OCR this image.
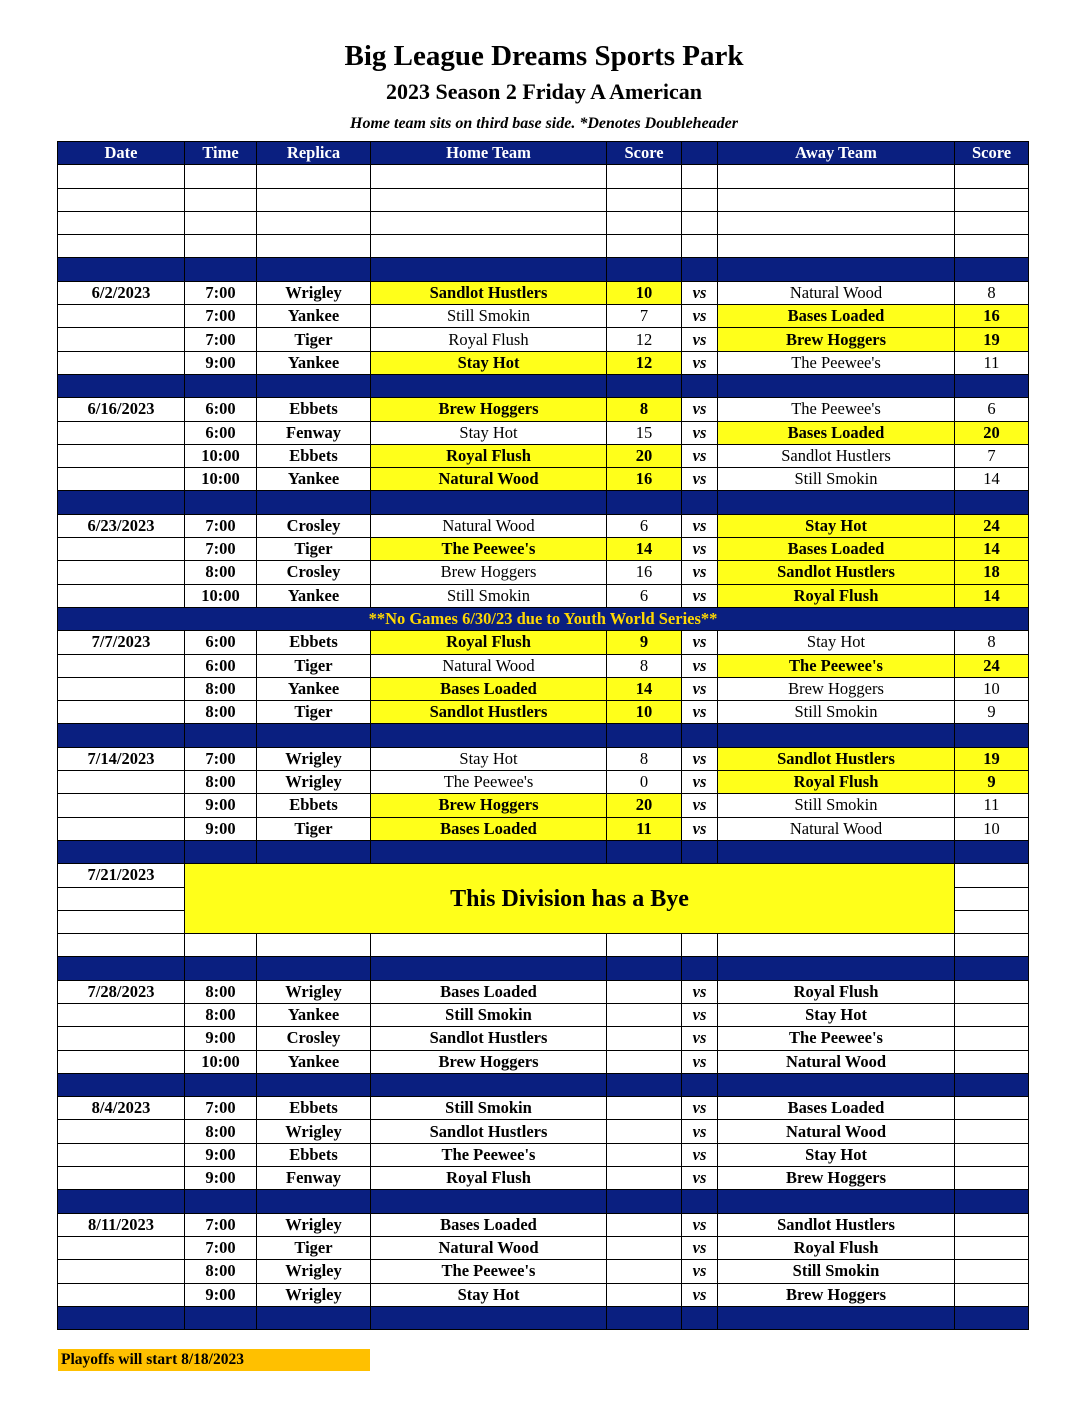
Big League Dreams Sports Park
2023 Season 2 Friday A American
Home team sits on third base side. *Denotes Doubleheader
Date	Time	Replica	Home Team	Score		Away Team	Score

6/2/2023	7:00	Wrigley	Sandlot Hustlers	10	vs	Natural Wood	8
	7:00	Yankee	Still Smokin	7	vs	Bases Loaded	16
	7:00	Tiger	Royal Flush	12	vs	Brew Hoggers	19
	9:00	Yankee	Stay Hot	12	vs	The Peewee's	11

6/16/2023	6:00	Ebbets	Brew Hoggers	8	vs	The Peewee's	6
	6:00	Fenway	Stay Hot	15	vs	Bases Loaded	20
	10:00	Ebbets	Royal Flush	20	vs	Sandlot Hustlers	7
	10:00	Yankee	Natural Wood	16	vs	Still Smokin	14

6/23/2023	7:00	Crosley	Natural Wood	6	vs	Stay Hot	24
	7:00	Tiger	The Peewee's	14	vs	Bases Loaded	14
	8:00	Crosley	Brew Hoggers	16	vs	Sandlot Hustlers	18
	10:00	Yankee	Still Smokin	6	vs	Royal Flush	14
**No Games 6/30/23 due to Youth World Series**							
7/7/2023	6:00	Ebbets	Royal Flush	9	vs	Stay Hot	8
	6:00	Tiger	Natural Wood	8	vs	The Peewee's	24
	8:00	Yankee	Bases Loaded	14	vs	Brew Hoggers	10
	8:00	Tiger	Sandlot Hustlers	10	vs	Still Smokin	9

7/14/2023	7:00	Wrigley	Stay Hot	8	vs	Sandlot Hustlers	19
	8:00	Wrigley	The Peewee's	0	vs	Royal Flush	9
	9:00	Ebbets	Brew Hoggers	20	vs	Still Smokin	11
	9:00	Tiger	Bases Loaded	11	vs	Natural Wood	10

7/21/2023	This Division has a Bye						

7/28/2023	8:00	Wrigley	Bases Loaded		vs	Royal Flush	
	8:00	Yankee	Still Smokin		vs	Stay Hot	
	9:00	Crosley	Sandlot Hustlers		vs	The Peewee's	
	10:00	Yankee	Brew Hoggers		vs	Natural Wood	

8/4/2023	7:00	Ebbets	Still Smokin		vs	Bases Loaded	
	8:00	Wrigley	Sandlot Hustlers		vs	Natural Wood	
	9:00	Ebbets	The Peewee's		vs	Stay Hot	
	9:00	Fenway	Royal Flush		vs	Brew Hoggers	

8/11/2023	7:00	Wrigley	Bases Loaded		vs	Sandlot Hustlers	
	7:00	Tiger	Natural Wood		vs	Royal Flush	
	8:00	Wrigley	The Peewee's		vs	Still Smokin	
	9:00	Wrigley	Stay Hot		vs	Brew Hoggers	

Playoffs will start 8/18/2023
